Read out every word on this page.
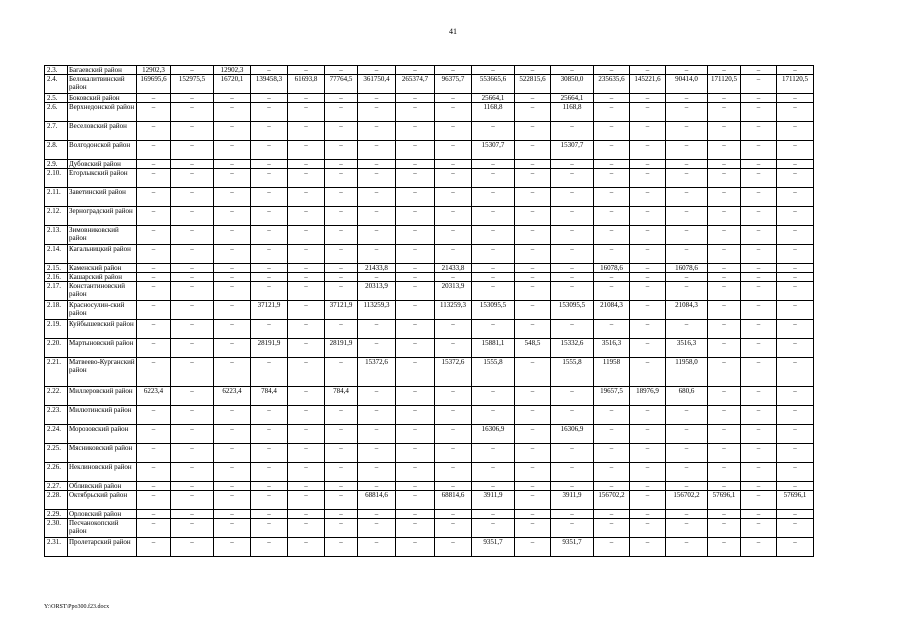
41
2.3.	Багаевский район	12902,3	–	12902,3	–	–	–	–	–	–	–	–	–	–	–	–	–	–	–
2.4.	Белокалитвинский район	169695,6	152975,5	16720,1	139458,3	61693,8	77764,5	361750,4	265374,7	96375,7	553665,6	522815,6	30850,0	235635,6	145221,6	90414,0	171120,5	–	171120,5
2.5.	Боковский район	–	–	–	–	–	–	–	–	–	25664,1	–	25664,1	–	–	–	–	–	–
2.6.	Верхнедонской район	–	–	–	–	–	–	–	–	–	1168,8	–	1168,8	–	–	–	–	–	–
2.7.	Веселовский район	–	–	–	–	–	–	–	–	–	–	–	–	–	–	–	–	–	–
2.8.	Волгодонской район	–	–	–	–	–	–	–	–	–	15307,7	–	15307,7	–	–	–	–	–	–
2.9.	Дубовский район	–	–	–	–	–	–	–	–	–	–	–	–	–	–	–	–	–	–
2.10.	Егорлыкский район	–	–	–	–	–	–	–	–	–	–	–	–	–	–	–	–	–	–
2.11.	Заветинский район	–	–	–	–	–	–	–	–	–	–	–	–	–	–	–	–	–	–
2.12.	Зерноградский район	–	–	–	–	–	–	–	–	–	–	–	–	–	–	–	–	–	–
2.13.	Зимовниковский район	–	–	–	–	–	–	–	–	–	–	–	–	–	–	–	–	–	–
2.14.	Кагальницкий район	–	–	–	–	–	–	–	–	–	–	–	–	–	–	–	–	–	–
2.15.	Каменский район	–	–	–	–	–	–	21433,8	–	21433,8	–	–	–	16078,6	–	16078,6	–	–	–
2.16.	Кашарский район	–	–	–	–	–	–	–	–	–	–	–	–	–	–	–	–	–	–
2.17.	Константиновский район	–	–	–	–	–	–	20313,9	–	20313,9	–	–	–	–	–	–	–	–	–
2.18.	Красносулин-ский район	–	–	–	37121,9	–	37121,9	113259,3	–	113259,3	153095,5	–	153095,5	21084,3	–	21084,3	–	–	–
2.19.	Куйбышевский район	–	–	–	–	–	–	–	–	–	–	–	–	–	–	–	–	–	–
2.20.	Мартыновский район	–	–	–	28191,9	–	28191,9	–	–	–	15881,1	548,5	15332,6	3516,3	–	3516,3	–	–	–
2.21.	Матвеево-Курганский район	–	–	–	–	–	–	15372,6	–	15372,6	1555,8	–	1555,8	11958	–	11958,0	–	–	–
2.22.	Миллеровский район	6223,4	–	6223,4	784,4	–	784,4	–	–	–	–	–	–	19657,5	18976,9	680,6	–	–	–
2.23.	Милютинский район	–	–	–	–	–	–	–	–	–	–	–	–	–	–	–	–	–	–
2.24.	Морозовский район	–	–	–	–	–	–	–	–	–	16306,9	–	16306,9	–	–	–	–	–	–
2.25.	Мясниковский район	–	–	–	–	–	–	–	–	–	–	–	–	–	–	–	–	–	–
2.26.	Неклиновский район	–	–	–	–	–	–	–	–	–	–	–	–	–	–	–	–	–	–
2.27.	Обливский район	–	–	–	–	–	–	–	–	–	–	–	–	–	–	–	–	–	–
2.28.	Октябрьский район	–	–	–	–	–	–	68814,6	–	68814,6	3911,9	–	3911,9	156702,2	–	156702,2	57696,1	–	57696,1
2.29.	Орловский район	–	–	–	–	–	–	–	–	–	–	–	–	–	–	–	–	–	–
2.30.	Песчанокопский район	–	–	–	–	–	–	–	–	–	–	–	–	–	–	–	–	–	–
2.31.	Пролетарский район	–	–	–	–	–	–	–	–	–	9351,7	–	9351,7	–	–	–	–	–	–
Y:\ORST\Ppo300.f23.docx
